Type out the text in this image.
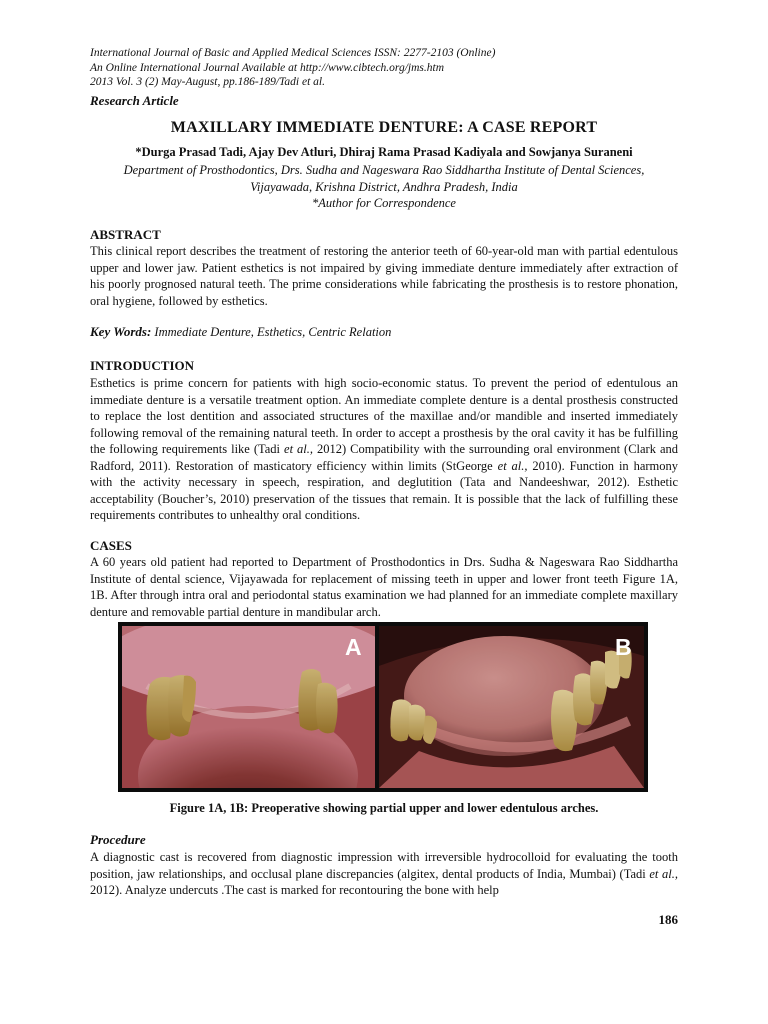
International Journal of Basic and Applied Medical Sciences ISSN: 2277-2103 (Online)
An Online International Journal Available at http://www.cibtech.org/jms.htm
2013 Vol. 3 (2) May-August, pp.186-189/Tadi et al.
Research Article
MAXILLARY IMMEDIATE DENTURE: A CASE REPORT
*Durga Prasad Tadi, Ajay Dev Atluri, Dhiraj Rama Prasad Kadiyala and Sowjanya Suraneni
Department of Prosthodontics, Drs. Sudha and Nageswara Rao Siddhartha Institute of Dental Sciences,
Vijayawada, Krishna District, Andhra Pradesh, India
*Author for Correspondence
ABSTRACT
This clinical report describes the treatment of restoring the anterior teeth of 60-year-old man with partial edentulous upper and lower jaw. Patient esthetics is not impaired by giving immediate denture immediately after extraction of his poorly prognosed natural teeth. The prime considerations while fabricating the prosthesis is to restore phonation, oral hygiene, followed by esthetics.
Key Words: Immediate Denture, Esthetics, Centric Relation
INTRODUCTION
Esthetics is prime concern for patients with high socio-economic status. To prevent the period of edentulous an immediate denture is a versatile treatment option. An immediate complete denture is a dental prosthesis constructed to replace the lost dentition and associated structures of the maxillae and/or mandible and inserted immediately following removal of the remaining natural teeth. In order to accept a prosthesis by the oral cavity it has be fulfilling the following requirements like (Tadi et al., 2012) Compatibility with the surrounding oral environment (Clark and Radford, 2011). Restoration of masticatory efficiency within limits (StGeorge et al., 2010). Function in harmony with the activity necessary in speech, respiration, and deglutition (Tata and Nandeeshwar, 2012). Esthetic acceptability (Boucher’s, 2010) preservation of the tissues that remain. It is possible that the lack of fulfilling these requirements contributes to unhealthy oral conditions.
CASES
A 60 years old patient had reported to Department of Prosthodontics in Drs. Sudha & Nageswara Rao Siddhartha Institute of dental science, Vijayawada for replacement of missing teeth in upper and lower front teeth Figure 1A, 1B. After through intra oral and periodontal status examination we had planned for an immediate complete maxillary denture and removable partial denture in mandibular arch.
A	B
Figure 1A, 1B: Preoperative showing partial upper and lower edentulous arches.
Procedure
A diagnostic cast is recovered from diagnostic impression with irreversible hydrocolloid for evaluating the tooth position, jaw relationships, and occlusal plane discrepancies (algitex, dental products of India, Mumbai) (Tadi et al., 2012). Analyze undercuts .The cast is marked for recontouring the bone with help
186
